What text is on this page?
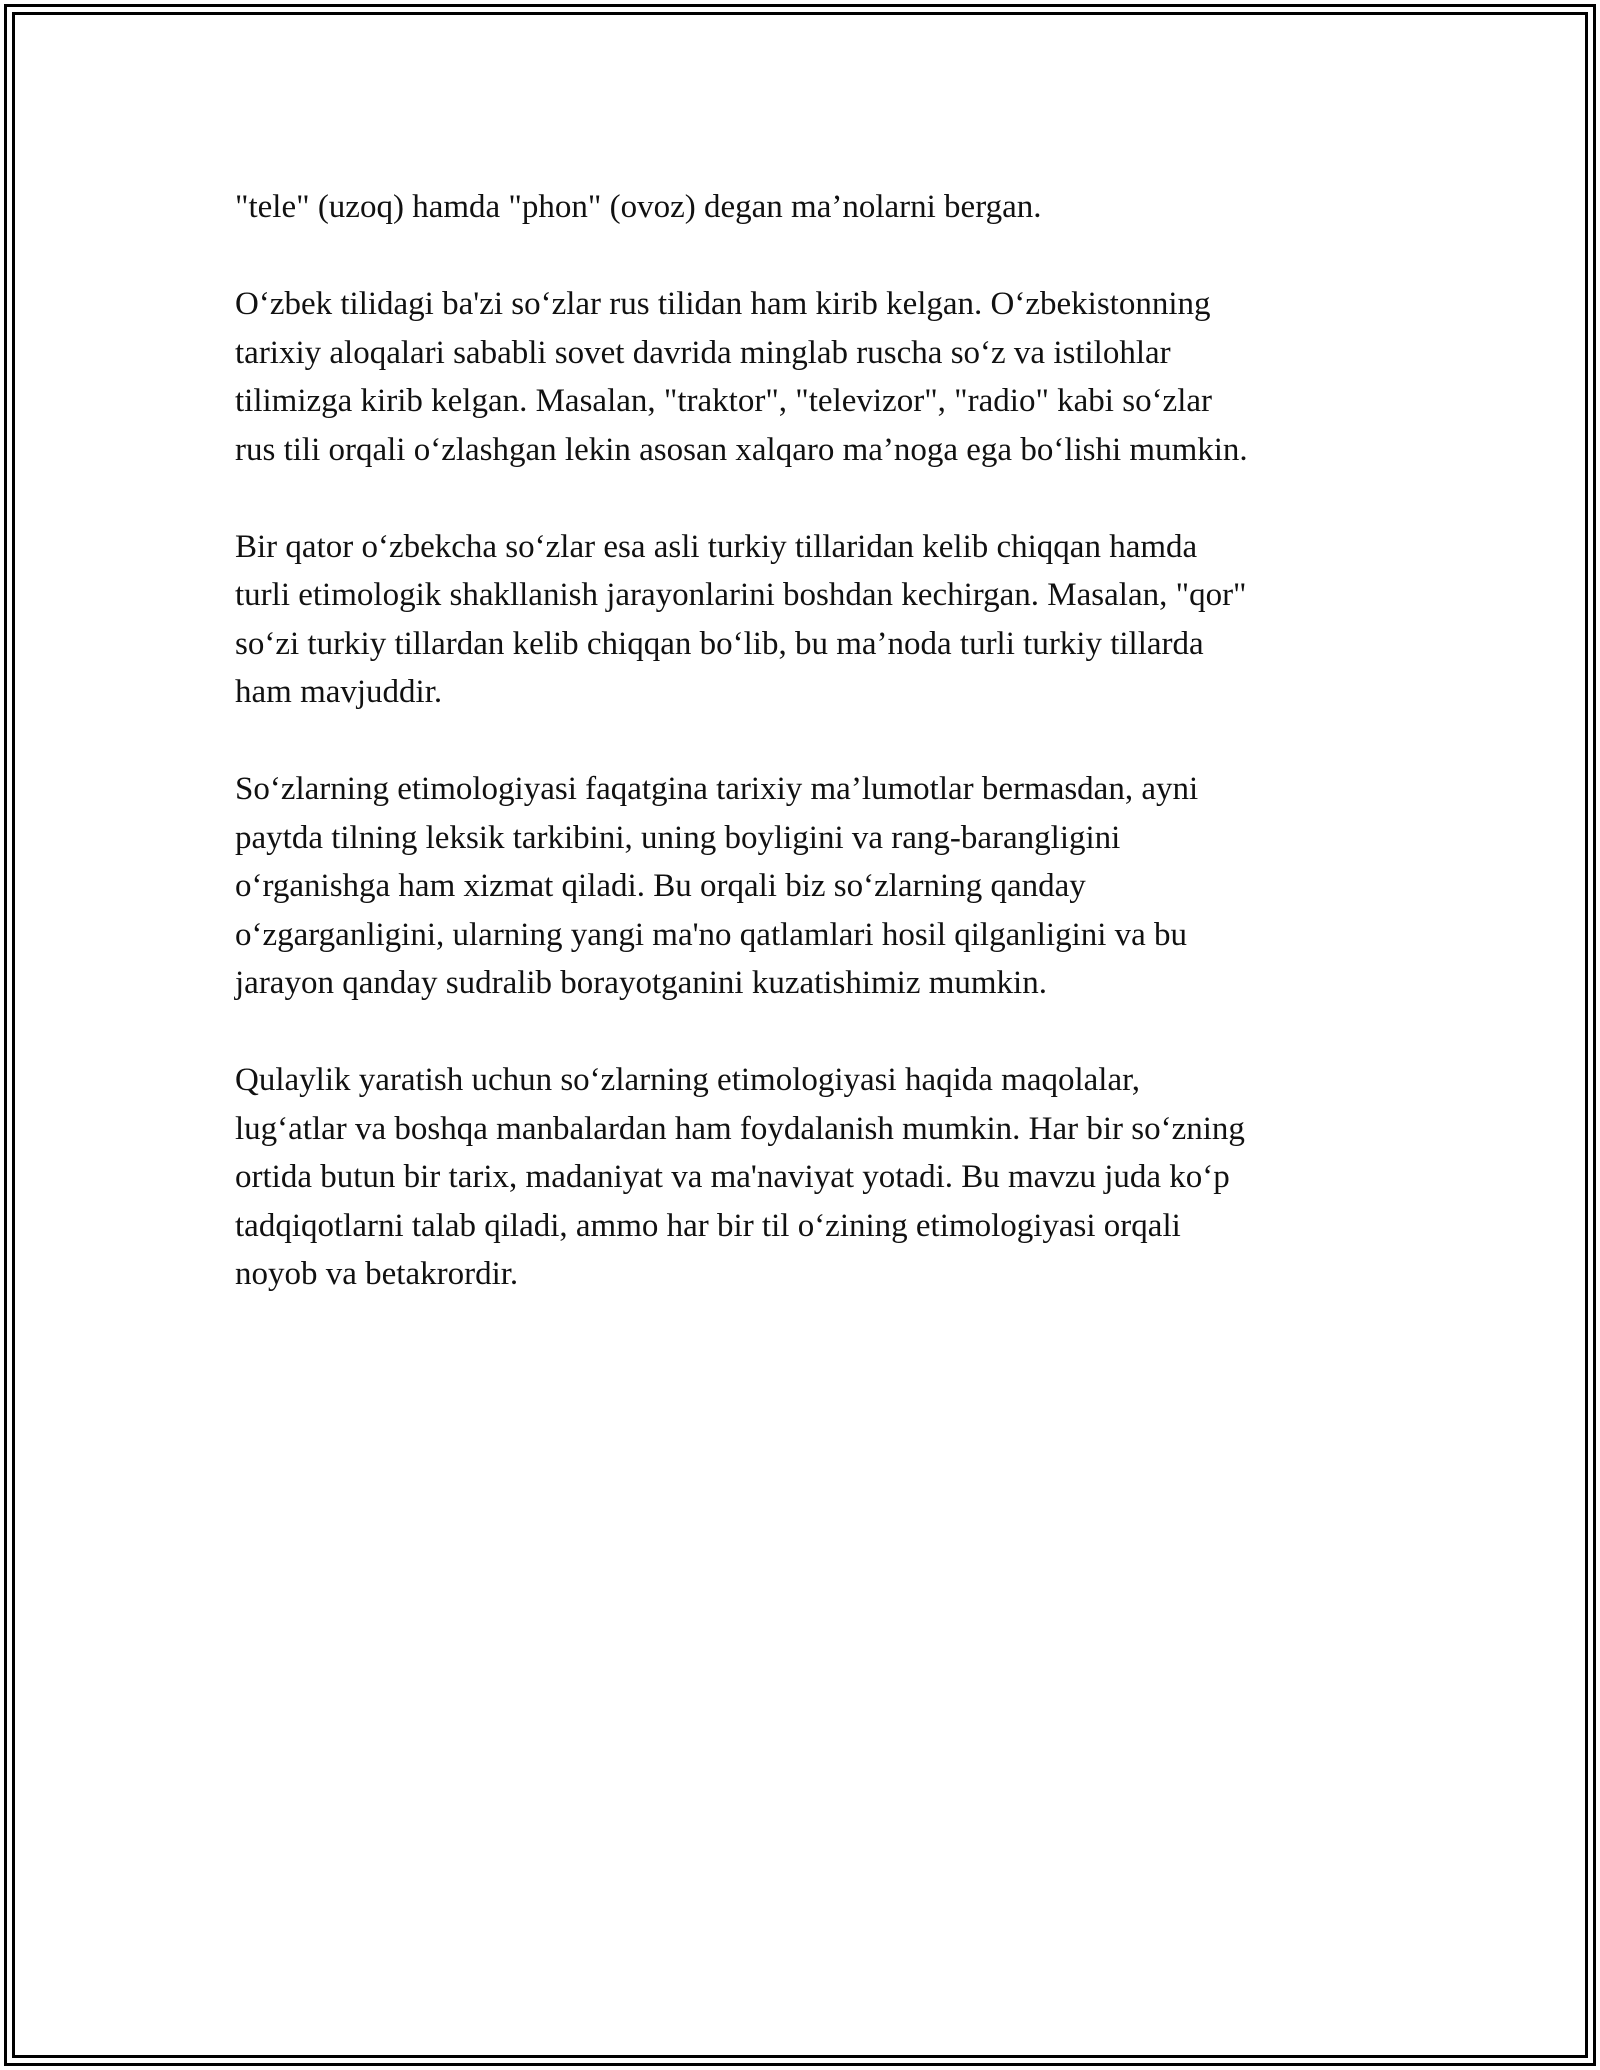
"tele" (uzoq) hamda "phon" (ovoz) degan ma’nolarni bergan.

O‘zbek tilidagi ba'zi so‘zlar rus tilidan ham kirib kelgan. O‘zbekistonning
tarixiy aloqalari sababli sovet davrida minglab ruscha so‘z va istilohlar
tilimizga kirib kelgan. Masalan, "traktor", "televizor", "radio" kabi so‘zlar
rus tili orqali o‘zlashgan lekin asosan xalqaro ma’noga ega bo‘lishi mumkin.

Bir qator o‘zbekcha so‘zlar esa asli turkiy tillaridan kelib chiqqan hamda
turli etimologik shakllanish jarayonlarini boshdan kechirgan. Masalan, "qor"
so‘zi turkiy tillardan kelib chiqqan bo‘lib, bu ma’noda turli turkiy tillarda
ham mavjuddir.

So‘zlarning etimologiyasi faqatgina tarixiy ma’lumotlar bermasdan, ayni
paytda tilning leksik tarkibini, uning boyligini va rang-barangligini
o‘rganishga ham xizmat qiladi. Bu orqali biz so‘zlarning qanday
o‘zgarganligini, ularning yangi ma'no qatlamlari hosil qilganligini va bu
jarayon qanday sudralib borayotganini kuzatishimiz mumkin.

Qulaylik yaratish uchun so‘zlarning etimologiyasi haqida maqolalar,
lug‘atlar va boshqa manbalardan ham foydalanish mumkin. Har bir so‘zning
ortida butun bir tarix, madaniyat va ma'naviyat yotadi. Bu mavzu juda ko‘p
tadqiqotlarni talab qiladi, ammo har bir til o‘zining etimologiyasi orqali
noyob va betakrordir.
